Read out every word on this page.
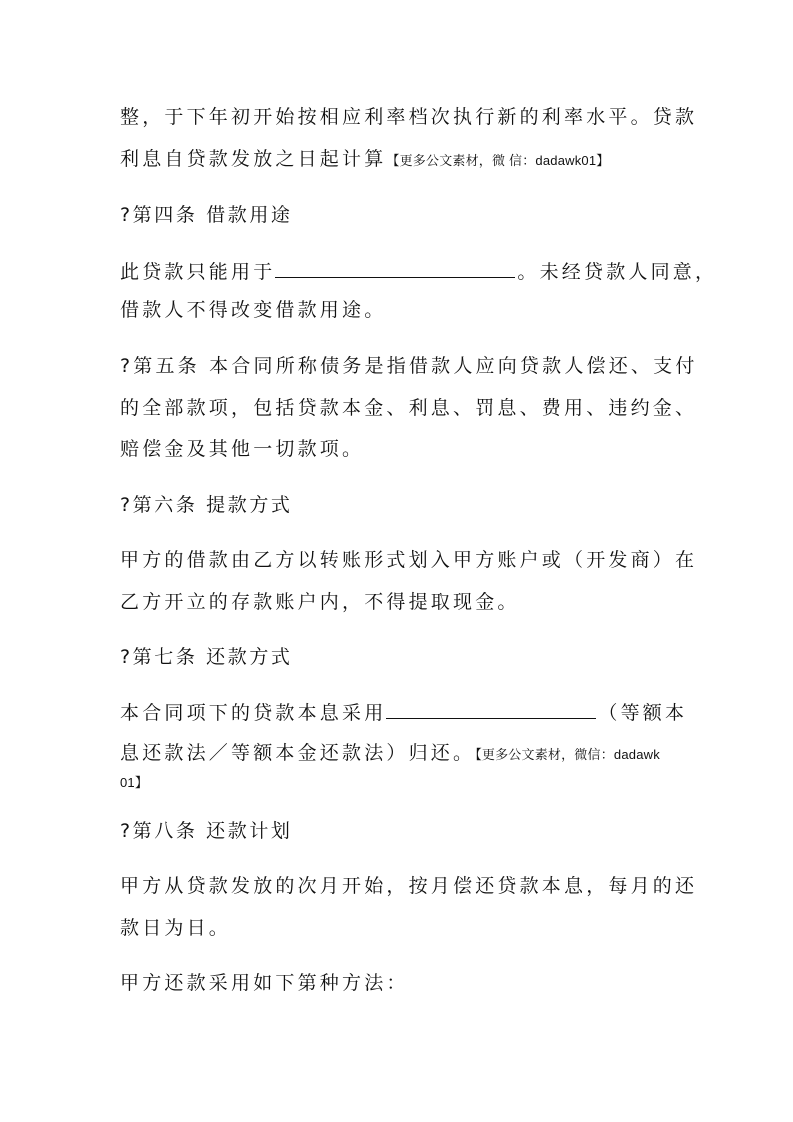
整，于下年初开始按相应利率档次执行新的利率水平。贷款
利息自贷款发放之日起计算【更多公文素材，微 信：dadawk01】
?第四条 借款用途
此贷款只能用于	。未经贷款人同意，
借款人不得改变借款用途。
?第五条 本合同所称债务是指借款人应向贷款人偿还、支付
的全部款项，包括贷款本金、利息、罚息、费用、违约金、
赔偿金及其他一切款项。
?第六条 提款方式
甲方的借款由乙方以转账形式划入甲方账户或（开发商）在
乙方开立的存款账户内，不得提取现金。
?第七条 还款方式
本合同项下的贷款本息采用	（等额本
息还款法／等额本金还款法）归还。【更多公文素材，微信：dadawk
01】
?第八条 还款计划
甲方从贷款发放的次月开始，按月偿还贷款本息，每月的还
款日为日。
甲方还款采用如下第种方法：
